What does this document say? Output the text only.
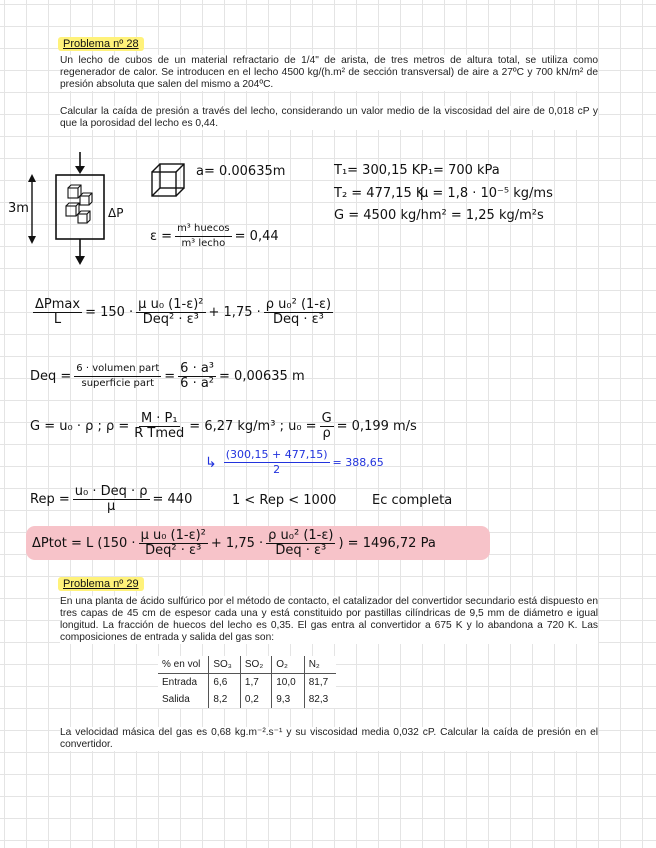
Problema nº 28
Un lecho de cubos de un material refractario de 1/4" de arista, de tres metros de altura total, se utiliza como regenerador de calor. Se introducen en el lecho 4500 kg/(h.m² de sección transversal) de aire a 27ºC y 700 kN/m² de presión absoluta que salen del mismo a 204ºC.
Calcular la caída de presión a través del lecho, considerando un valor medio de la viscosidad del aire de 0,018 cP y que la porosidad del lecho es 0,44.
3m	ΔP
a= 0.00635m
$\varepsilon = \frac{\text{m³ huecos}}{\text{m³ lecho}} = 0,44$
T₁= 300,15 K P₁= 700 kPa
T₂ = 477,15 K
μ = 1,8 · 10⁻⁵ kg/ms
G = 4500 kg/hm² = 1,25 kg/m²s
$\frac{\Delta Pmax}{L} = 150 \cdot \frac{\text{μ u₀ (1-ε)²}}{\text{Deq² · ε³}} + 1,75 \cdot \frac{\text{ρ u₀² (1-ε)}}{\text{Deq · ε³}}$
Deq = $\frac{\text{6 · volumen part}}{\text{superficie part}} = \frac{\text{6 · a³}}{\text{6 · a²}} = 0,00635$ m
G = u₀ · ρ ; $\rho = \frac{\text{M · P₁}}{\text{R Tmed}} = 6,27$ kg/m³ ; $u_0 = \frac{G}{\rho} = 0,199$ m/s
↳ $\frac{(300,15 + 477,15)}{2} = 388,65$
Rep = $\frac{\text{u₀ · Deq · ρ}}{\mu} = 440$	1 < Rep < 1000	Ec completa
ΔPtot = L ($150 \cdot \frac{\text{μ u₀ (1-ε)²}}{\text{Deq² · ε³}} + 1,75 \cdot \frac{\text{ρ u₀² (1-ε)}}{\text{Deq · ε³}}$ ) = 1496,72 Pa
Problema nº 29
En una planta de ácido sulfúrico por el método de contacto, el catalizador del convertidor secundario está dispuesto en tres capas de 45 cm de espesor cada una y está constituido por pastillas cilíndricas de 9,5 mm de diámetro e igual longitud. La fracción de huecos del lecho es 0,35. El gas entra al convertidor a 675 K y lo abandona a 720 K. Las composiciones de entrada y salida del gas son:
% en vol	SO₃	SO₂	O₂	N₂
Entrada	6,6	1,7	10,0	81,7
Salida	8,2	0,2	9,3	82,3
La velocidad másica del gas es 0,68 kg.m⁻².s⁻¹ y su viscosidad media 0,032 cP. Calcular la caída de presión en el convertidor.
